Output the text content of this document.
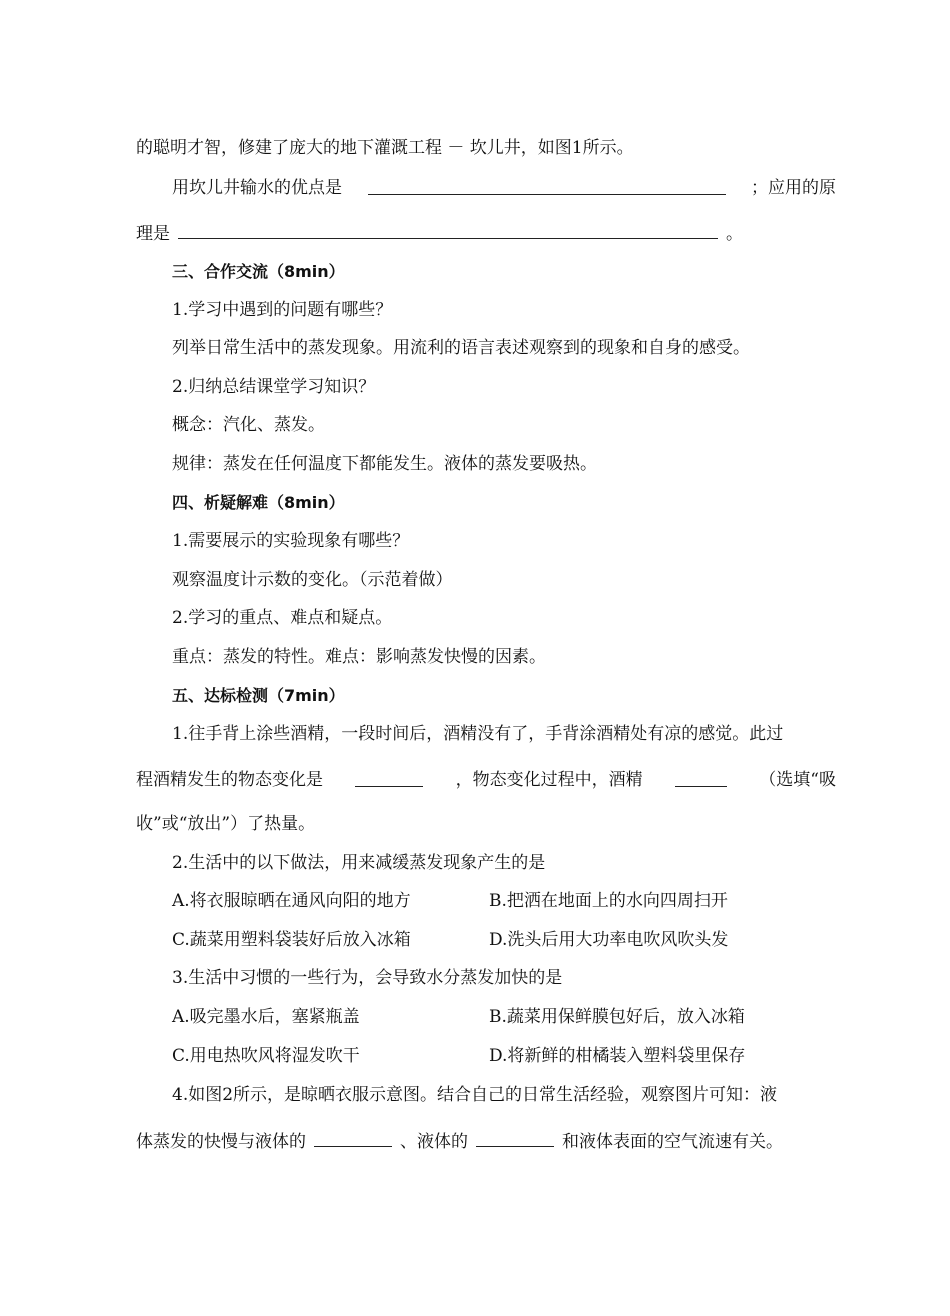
的聪明才智，修建了庞大的地下灌溉工程 － 坎儿井，如图1所示。
用坎儿井输水的优点是	；应用的原
理是	。
三、合作交流（8min）
1.学习中遇到的问题有哪些？
列举日常生活中的蒸发现象。用流利的语言表述观察到的现象和自身的感受。
2.归纳总结课堂学习知识？
概念：汽化、蒸发。
规律：蒸发在任何温度下都能发生。液体的蒸发要吸热。
四、析疑解难（8min）
1.需要展示的实验现象有哪些？
观察温度计示数的变化。（示范着做）
2.学习的重点、难点和疑点。
重点：蒸发的特性。难点：影响蒸发快慢的因素。
五、达标检测（7min）
1.往手背上涂些酒精，一段时间后，酒精没有了，手背涂酒精处有凉的感觉。此过
程酒精发生的物态变化是	，物态变化过程中，酒精	（选填“吸
收”或“放出”）了热量。
2.生活中的以下做法，用来减缓蒸发现象产生的是
A.将衣服晾晒在通风向阳的地方	B.把洒在地面上的水向四周扫开
C.蔬菜用塑料袋装好后放入冰箱	D.洗头后用大功率电吹风吹头发
3.生活中习惯的一些行为，会导致水分蒸发加快的是
A.吸完墨水后，塞紧瓶盖	B.蔬菜用保鲜膜包好后，放入冰箱
C.用电热吹风将湿发吹干	D.将新鲜的柑橘装入塑料袋里保存
4.如图2所示，是晾晒衣服示意图。结合自己的日常生活经验，观察图片可知：液
体蒸发的快慢与液体的	、液体的	和液体表面的空气流速有关。
